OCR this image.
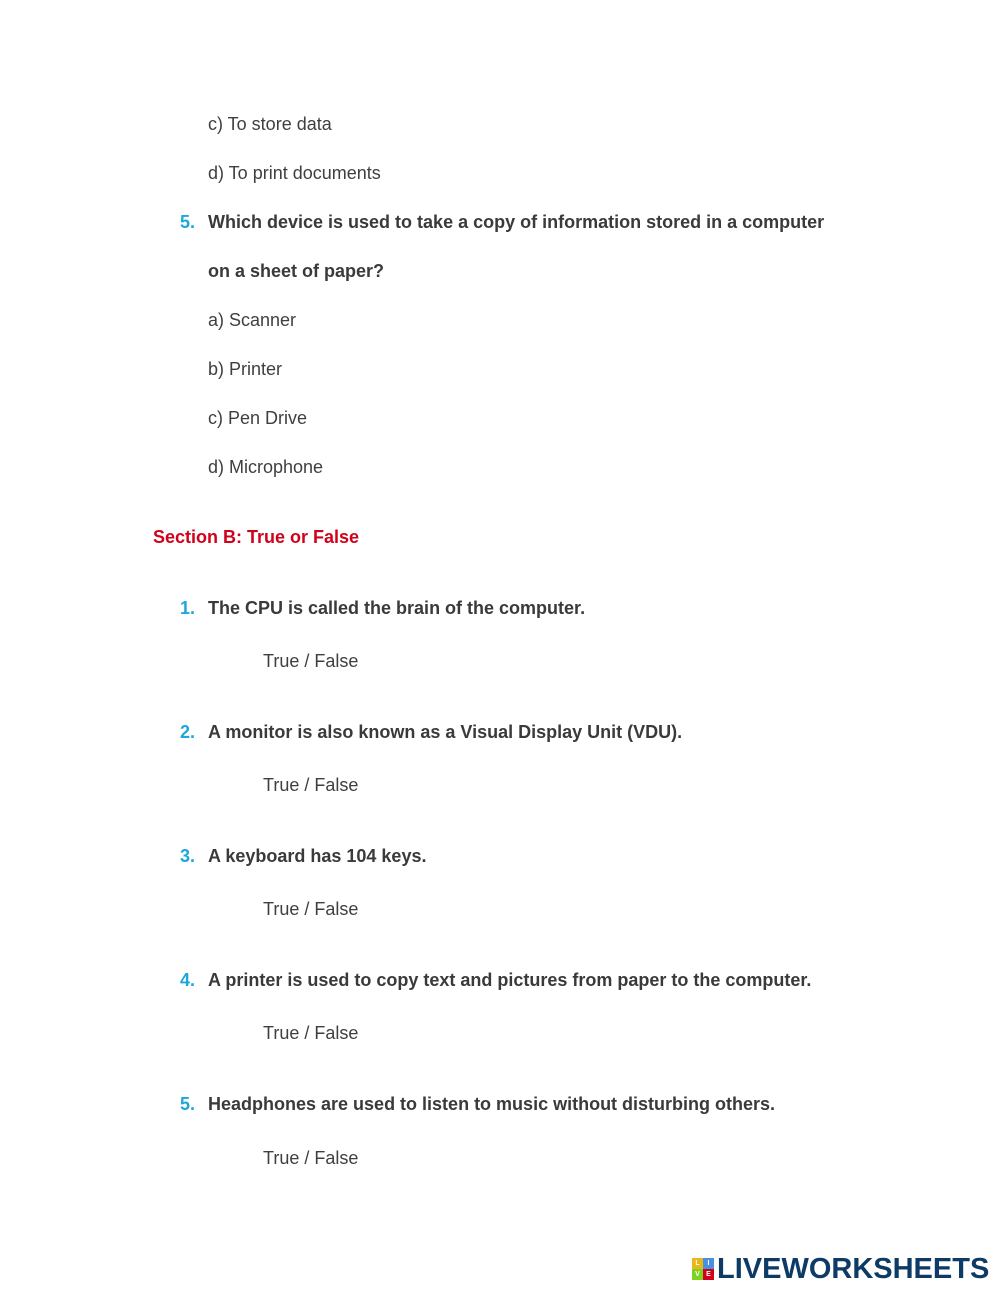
c) To store data
d) To print documents
5. Which device is used to take a copy of information stored in a computer
on a sheet of paper?
a) Scanner
b) Printer
c) Pen Drive
d) Microphone
Section B: True or False
1. The CPU is called the brain of the computer.
True / False
2. A monitor is also known as a Visual Display Unit (VDU).
True / False
3. A keyboard has 104 keys.
True / False
4. A printer is used to copy text and pictures from paper to the computer.
True / False
5. Headphones are used to listen to music without disturbing others.
True / False
L	I
V E LIVEWORKSHEETS
